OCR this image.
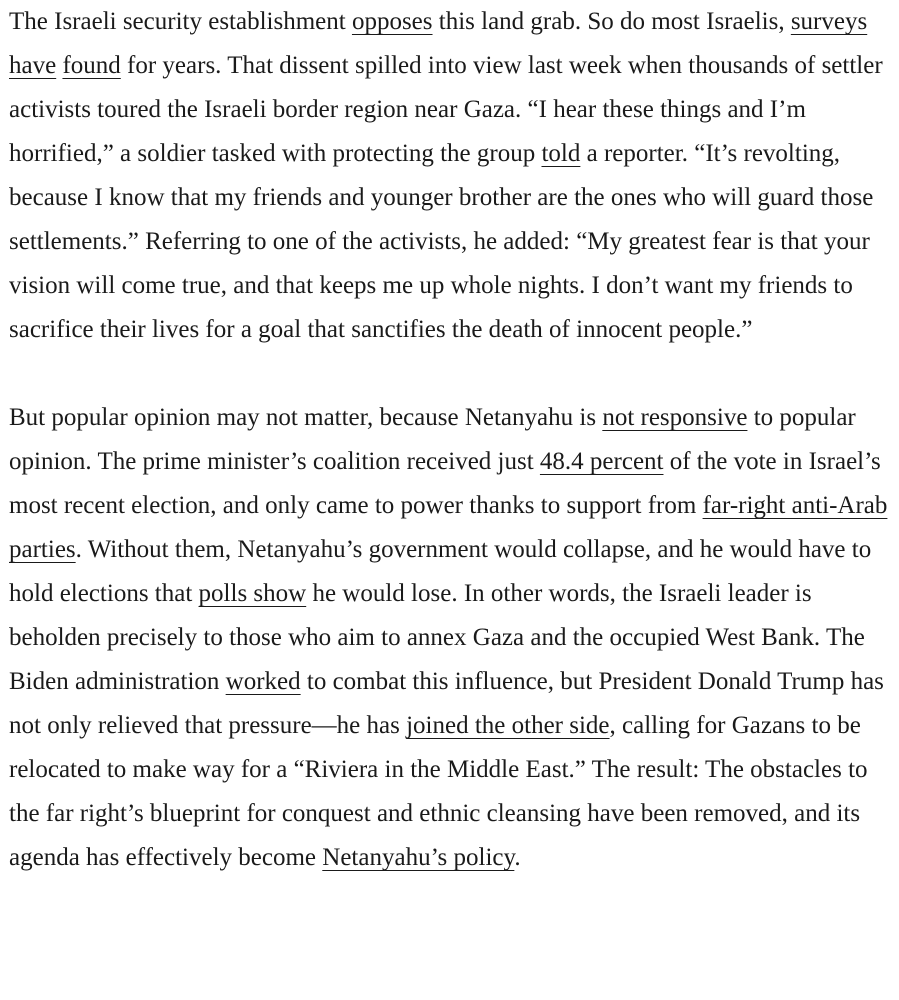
The Israeli security establishment opposes this land grab. So do most Israelis, surveys have found for years. That dissent spilled into view last week when thousands of settler activists toured the Israeli border region near Gaza. “I hear these things and I’m horrified,” a soldier tasked with protecting the group told a reporter. “It’s revolting, because I know that my friends and younger brother are the ones who will guard those settlements.” Referring to one of the activists, he added: “My greatest fear is that your vision will come true, and that keeps me up whole nights. I don’t want my friends to sacrifice their lives for a goal that sanctifies the death of innocent people.”

But popular opinion may not matter, because Netanyahu is not responsive to popular opinion. The prime minister’s coalition received just 48.4 percent of the vote in Israel’s most recent election, and only came to power thanks to support from far-right anti-Arab parties. Without them, Netanyahu’s government would collapse, and he would have to hold elections that polls show he would lose. In other words, the Israeli leader is beholden precisely to those who aim to annex Gaza and the occupied West Bank. The Biden administration worked to combat this influence, but President Donald Trump has not only relieved that pressure—he has joined the other side, calling for Gazans to be relocated to make way for a “Riviera in the Middle East.” The result: The obstacles to the far right’s blueprint for conquest and ethnic cleansing have been removed, and its agenda has effectively become Netanyahu’s policy.
